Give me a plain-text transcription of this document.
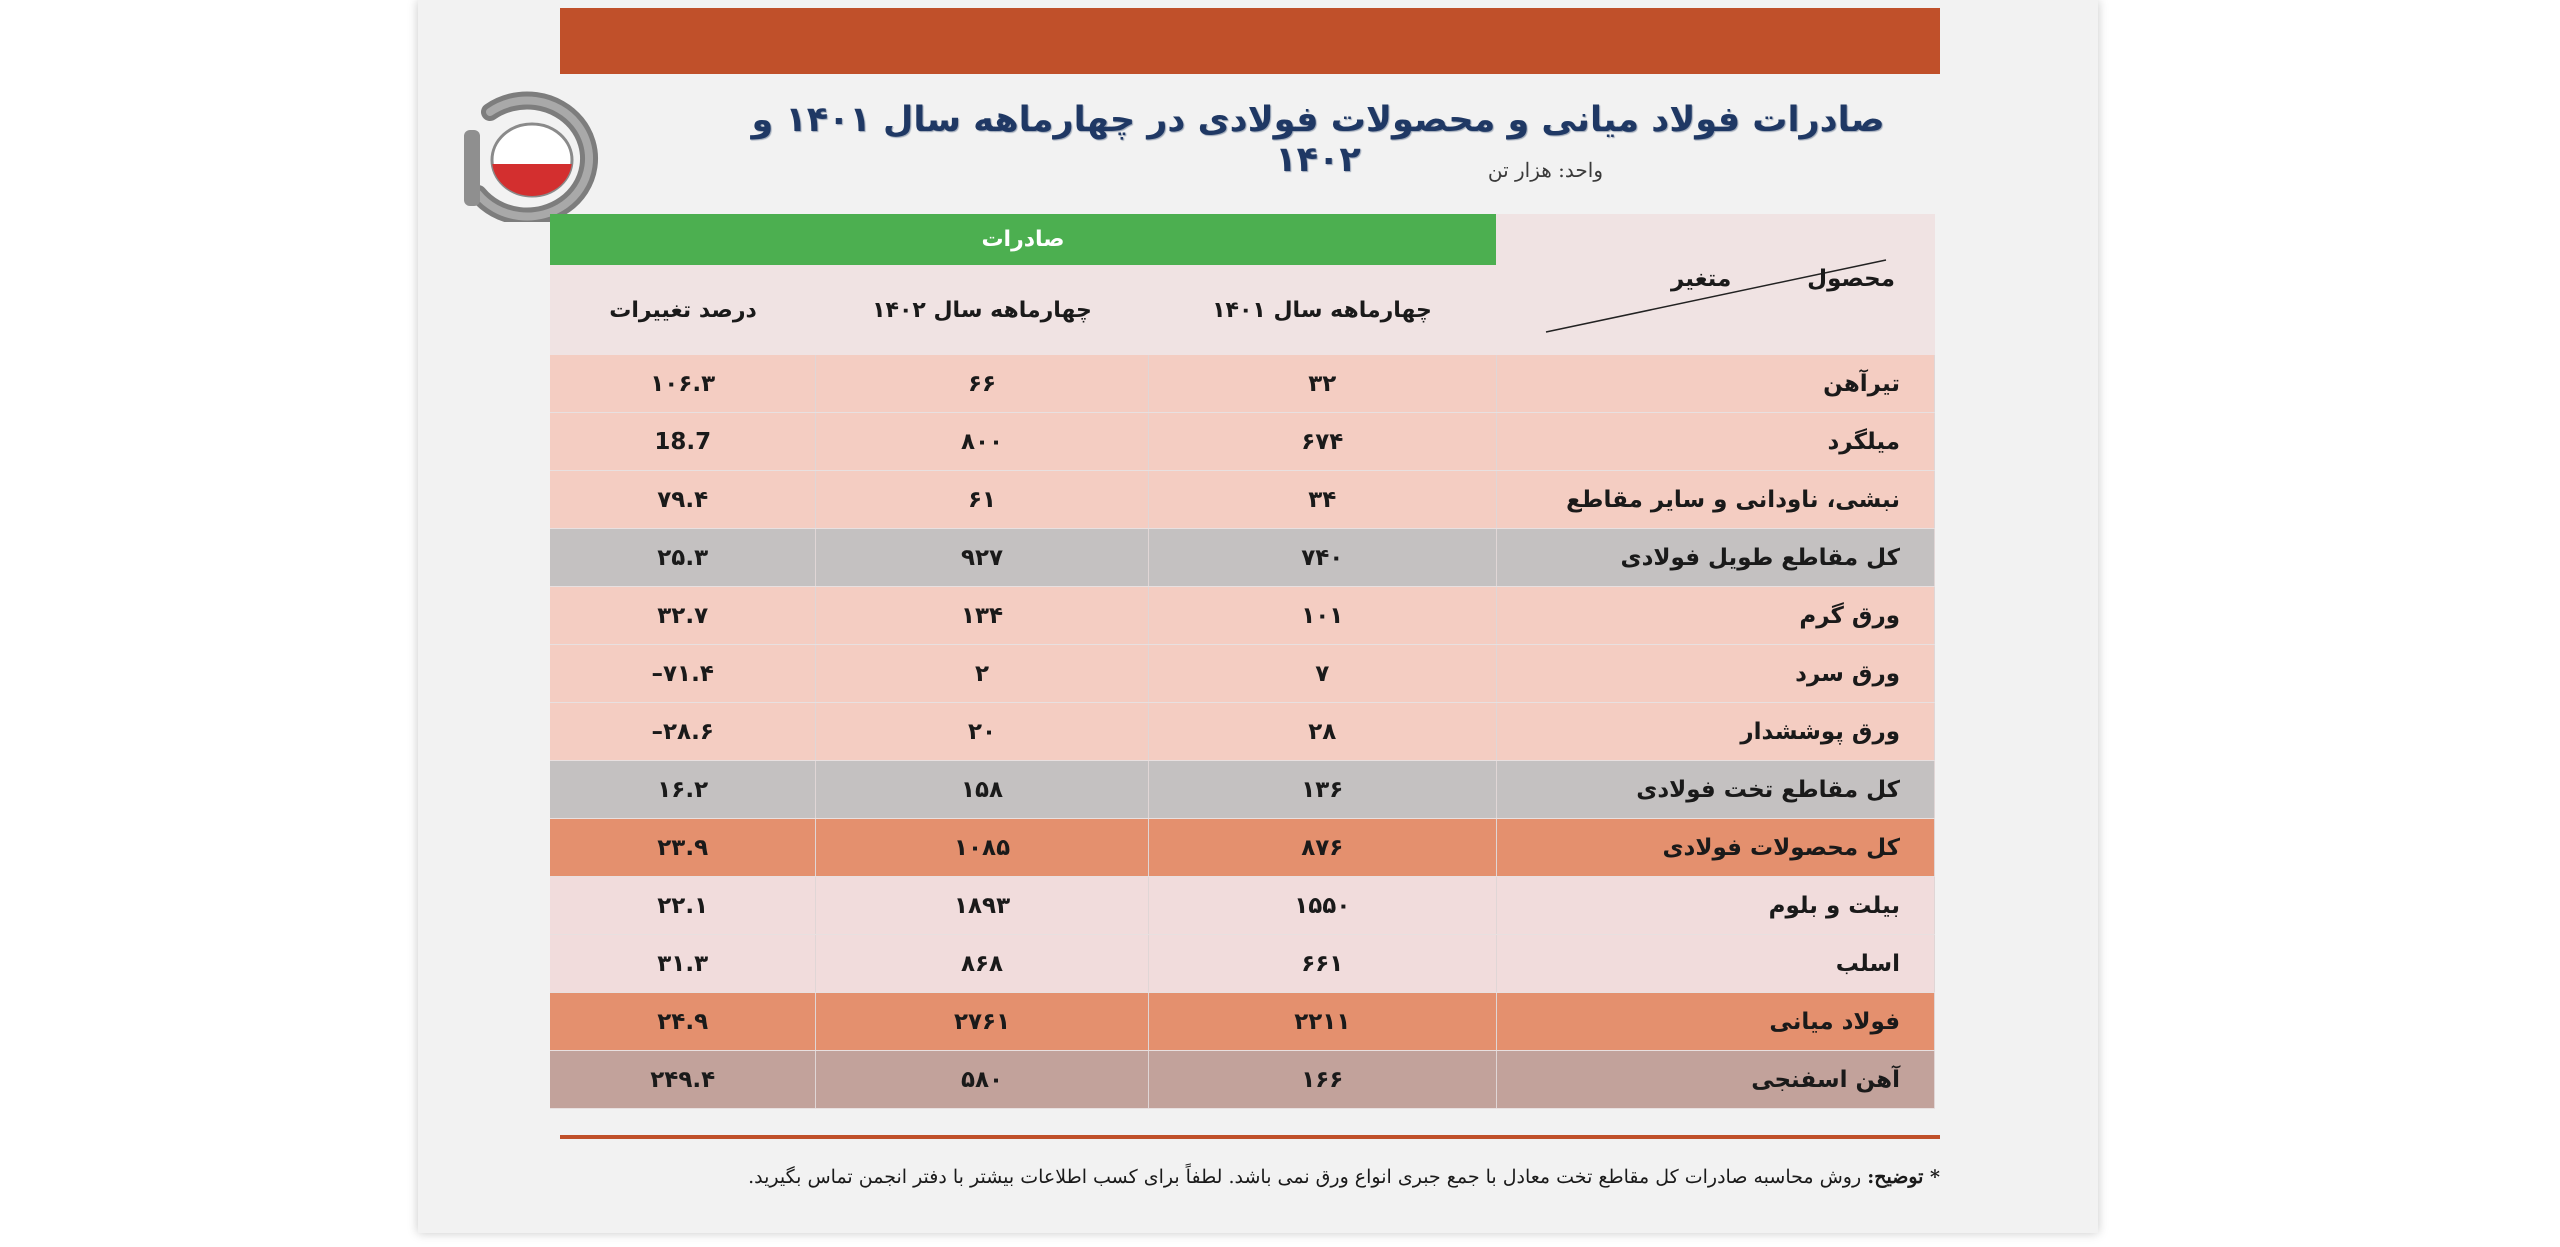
صادرات فولاد میانی و محصولات فولادی در چهارماهه سال ۱۴۰۱ و ۱۴۰۲	واحد: هزار تن
صادرات
درصد تغییرات	چهارماهه سال ۱۴۰۲	چهارماهه سال ۱۴۰۱
محصول
متغیر
۱۰۶.۳	۶۶	۳۲	تیرآهن
18.7	۸۰۰	۶۷۴	میلگرد
۷۹.۴	۶۱	۳۴	نبشی، ناودانی و سایر مقاطع
۲۵.۳	۹۲۷	۷۴۰	کل مقاطع طویل فولادی
۳۲.۷	۱۳۴	۱۰۱	ورق گرم
–۷۱.۴	۲	۷	ورق سرد
–۲۸.۶	۲۰	۲۸	ورق پوششدار
۱۶.۲	۱۵۸	۱۳۶	کل مقاطع تخت فولادی
۲۳.۹	۱۰۸۵	۸۷۶	کل محصولات فولادی
۲۲.۱	۱۸۹۳	۱۵۵۰	بیلت و بلوم
۳۱.۳	۸۶۸	۶۶۱	اسلب
۲۴.۹	۲۷۶۱	۲۲۱۱	فولاد میانی
۲۴۹.۴	۵۸۰	۱۶۶	آهن اسفنجی
* توضیح: روش محاسبه صادرات کل مقاطع تخت معادل با جمع جبری انواع ورق نمی باشد. لطفاً برای کسب اطلاعات بیشتر با دفتر انجمن تماس بگیرید.
